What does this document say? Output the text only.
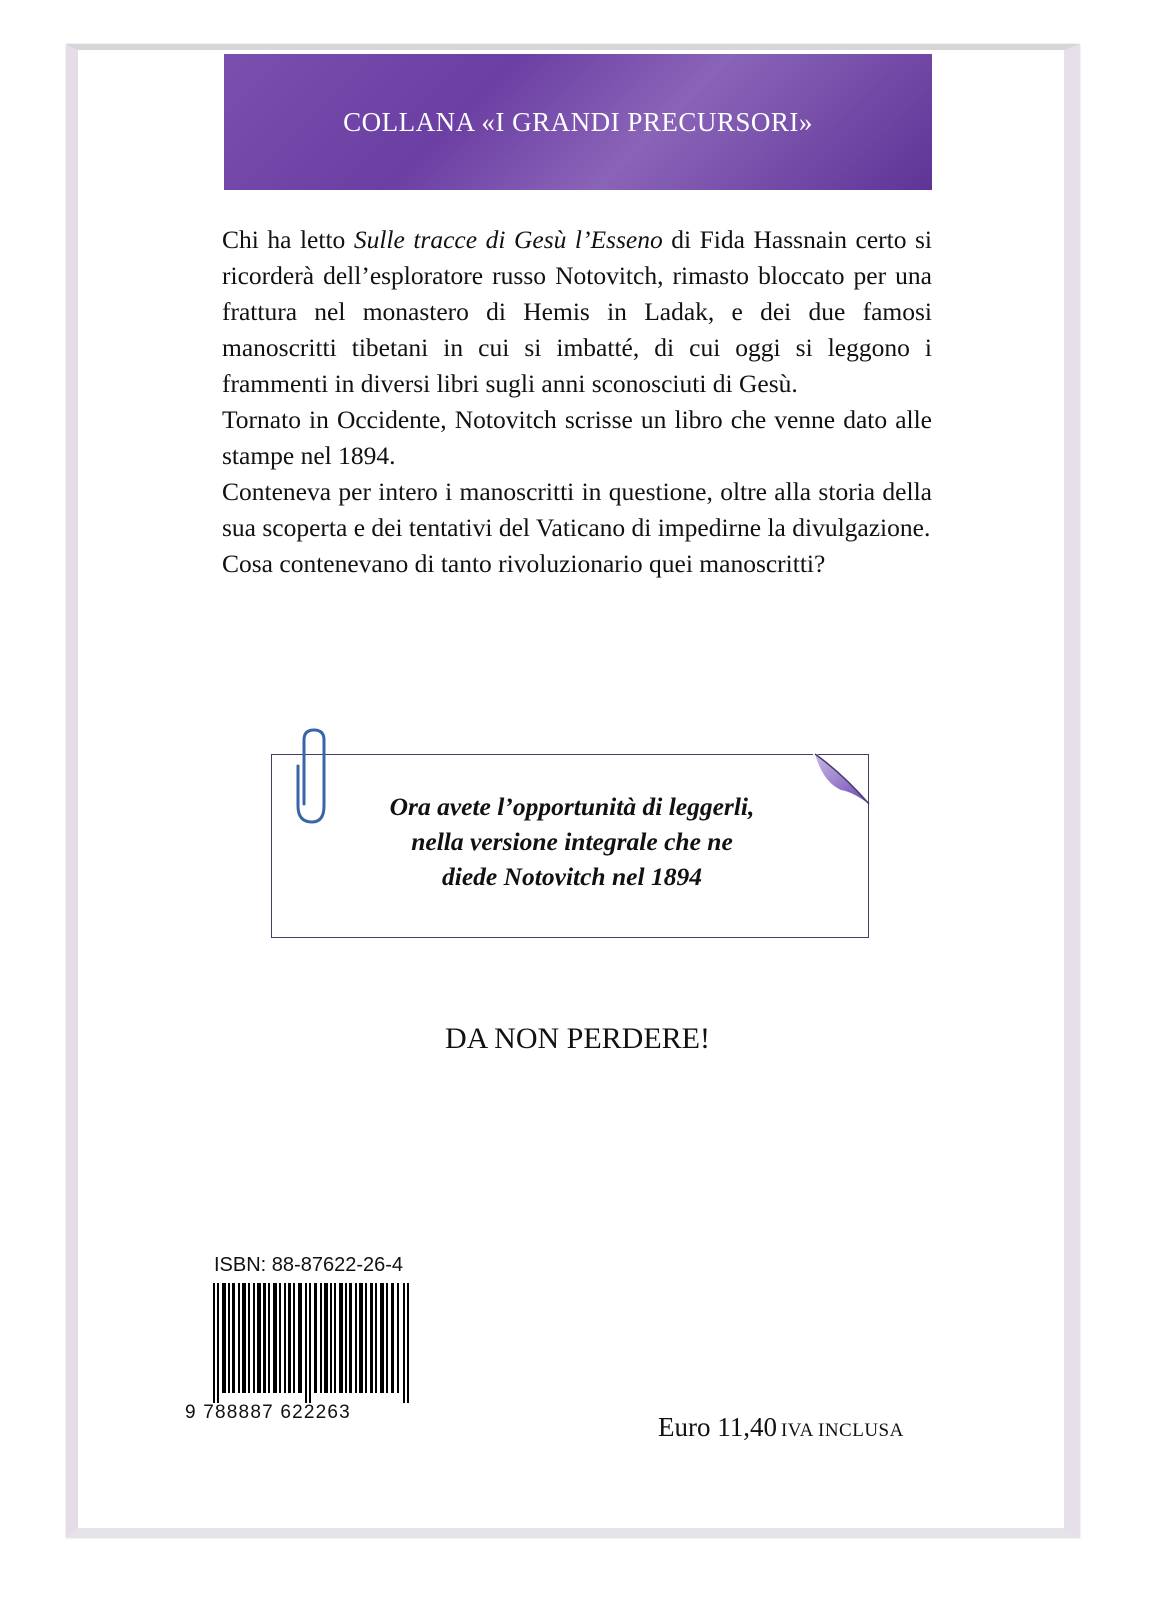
COLLANA «I GRANDI PRECURSORI»

Chi ha letto Sulle tracce di Gesù l’Esseno di Fida Hassnain certo si ricorderà dell’esploratore russo Notovitch, rimasto bloccato per una frattura nel monastero di Hemis in Ladak, e dei due famosi manoscritti tibetani in cui si imbatté, di cui oggi si leggono i frammenti in diversi libri sugli anni sconosciuti di Gesù.

Tornato in Occidente, Notovitch scrisse un libro che venne dato alle stampe nel 1894.

Conteneva per intero i manoscritti in questione, oltre alla storia della sua scoperta e dei tentativi del Vaticano di impedirne la divulgazione.

Cosa contenevano di tanto rivoluzionario quei manoscritti?

Ora avete l’opportunità di leggerli,
nella versione integrale che ne
diede Notovitch nel 1894
DA NON PERDERE!
ISBN: 88-87622-26-4
9 788887 622263	Euro 11,40 IVA INCLUSA
